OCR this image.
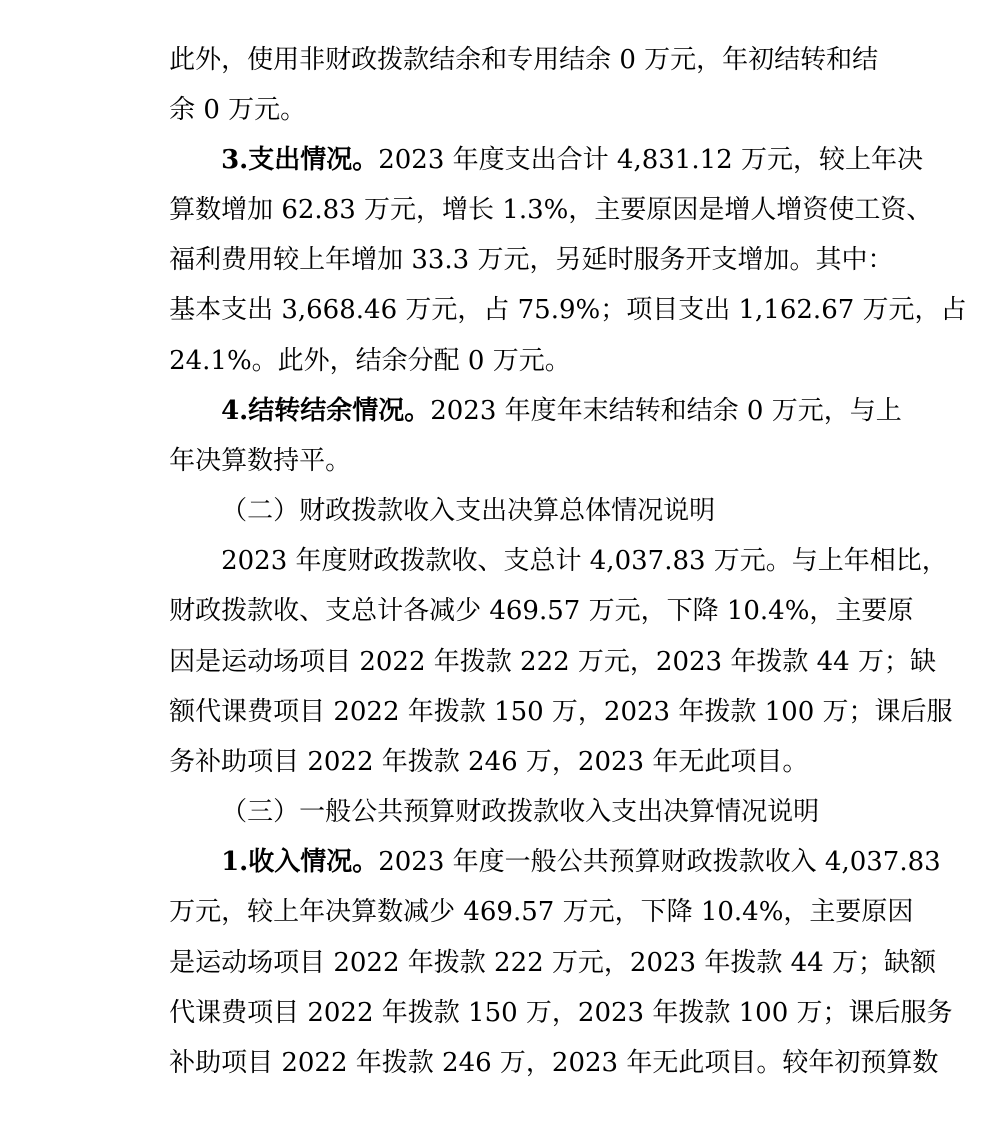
此外，使用非财政拨款结余和专用结余 0 万元，年初结转和结

余 0 万元。

3.支出情况。2023 年度支出合计 4,831.12 万元，较上年决

算数增加 62.83 万元，增长 1.3%，主要原因是增人增资使工资、

福利费用较上年增加 33.3 万元，另延时服务开支增加。其中：

基本支出 3,668.46 万元，占 75.9%；项目支出 1,162.67 万元，占

24.1%。此外，结余分配 0 万元。

4.结转结余情况。2023 年度年末结转和结余 0 万元，与上

年决算数持平。

（二）财政拨款收入支出决算总体情况说明

2023 年度财政拨款收、支总计 4,037.83 万元。与上年相比，

财政拨款收、支总计各减少 469.57 万元，下降 10.4%，主要原

因是运动场项目 2022 年拨款 222 万元，2023 年拨款 44 万；缺

额代课费项目 2022 年拨款 150 万，2023 年拨款 100 万；课后服

务补助项目 2022 年拨款 246 万，2023 年无此项目。

（三）一般公共预算财政拨款收入支出决算情况说明

1.收入情况。2023 年度一般公共预算财政拨款收入 4,037.83

万元，较上年决算数减少 469.57 万元，下降 10.4%，主要原因

是运动场项目 2022 年拨款 222 万元，2023 年拨款 44 万；缺额

代课费项目 2022 年拨款 150 万，2023 年拨款 100 万；课后服务

补助项目 2022 年拨款 246 万，2023 年无此项目。较年初预算数
